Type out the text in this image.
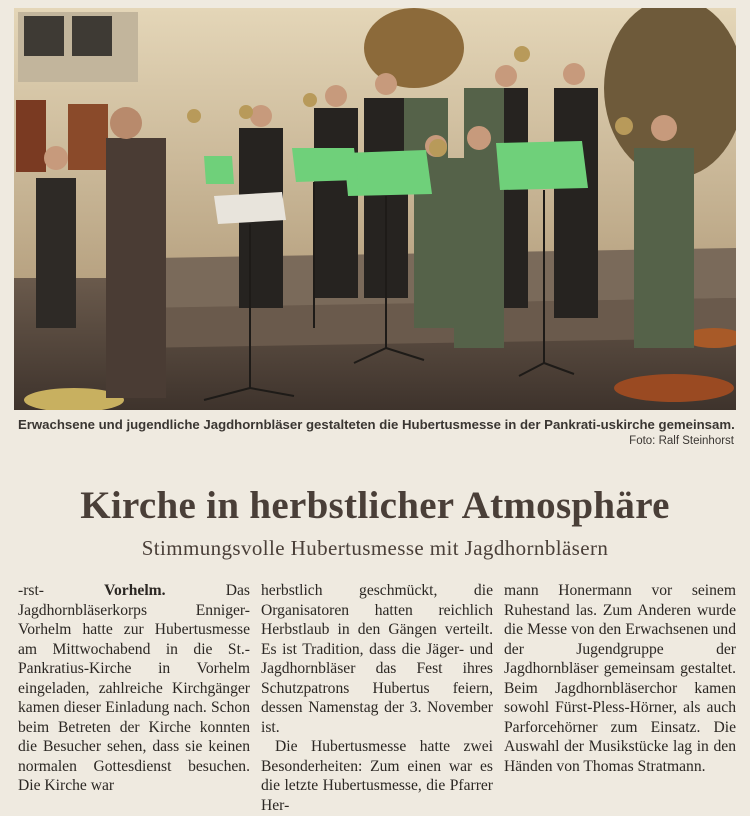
Erwachsene und jugendliche Jagdhornbläser gestalteten die Hubertusmesse in der Pankrati-uskirche gemeinsam.
Foto: Ralf Steinhorst
Kirche in herbstlicher Atmosphäre
Stimmungsvolle Hubertusmesse mit Jagdhornbläsern

-rst-	Vorhelm.	Das Jagdhornbläserkorps Enniger-Vorhelm hatte zur Hubertusmesse am Mittwochabend in die St.-Pankratius-Kirche in Vorhelm eingeladen, zahlreiche Kirchgänger kamen dieser Einladung nach. Schon beim Betreten der Kirche konnten die Besucher sehen, dass sie keinen normalen Gottesdienst besuchen. Die Kirche war

herbstlich geschmückt, die Organisatoren hatten reichlich Herbstlaub in den Gängen verteilt. Es ist Tradition, dass die Jäger- und Jagdhornbläser das Fest ihres Schutzpatrons Hubertus feiern, dessen Namenstag der 3. November ist.

Die Hubertusmesse hatte zwei Besonderheiten: Zum einen war es die letzte Hubertusmesse, die Pfarrer Her-

mann Honermann vor seinem Ruhestand las. Zum Anderen wurde die Messe von den Erwachsenen und der Jugendgruppe der Jagdhornbläser gemeinsam gestaltet. Beim Jagdhornbläserchor kamen sowohl Fürst-Pless-Hörner, als auch Parforcehörner zum Einsatz. Die Auswahl der Musikstücke lag in den Händen von Thomas Stratmann.
